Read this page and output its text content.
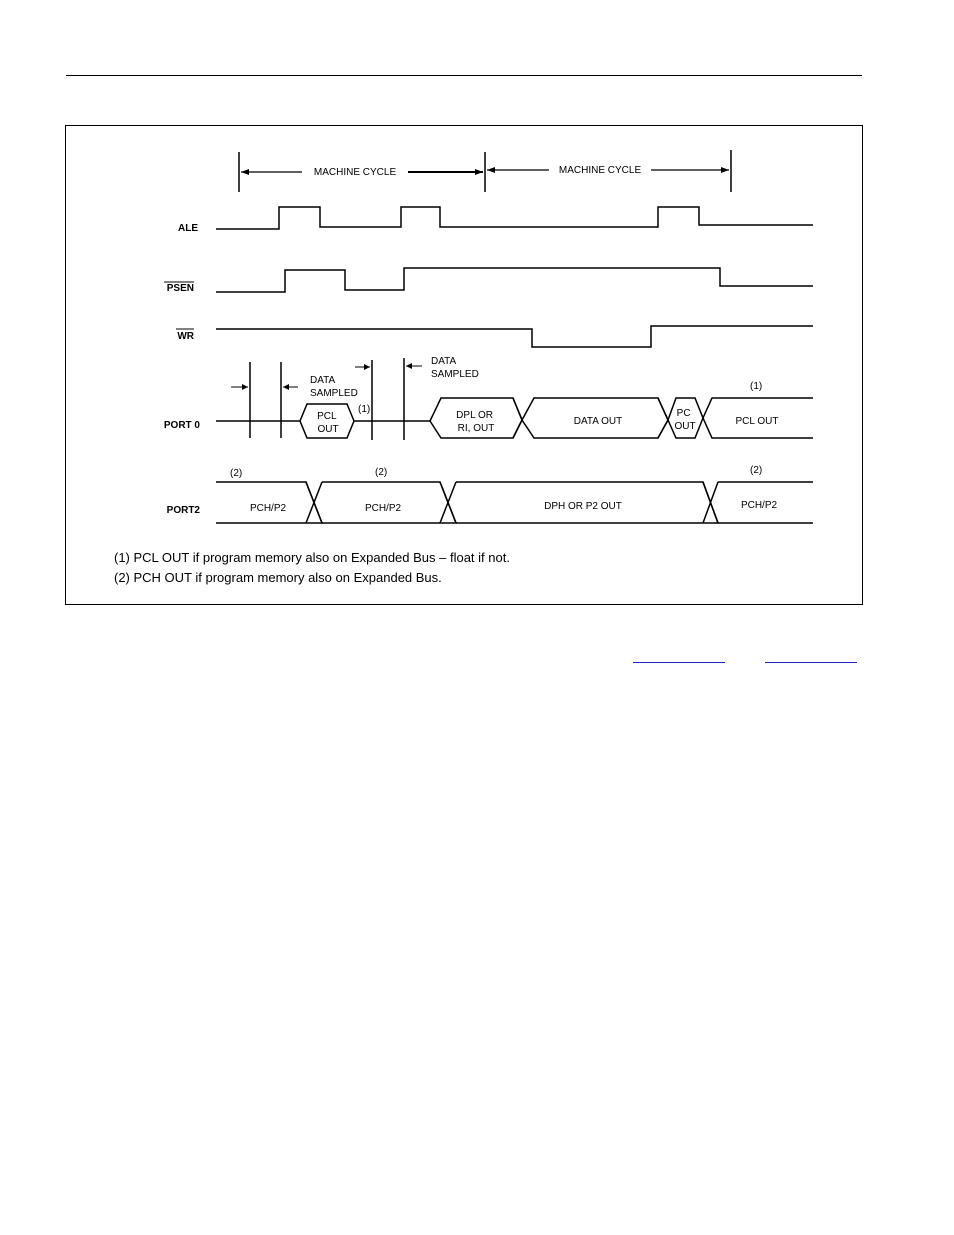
MACHINE CYCLE	MACHINE CYCLE
ALE
PSEN
WR
PORT 0
PORT2
DATA SAMPLED
DATA SAMPLED
PCL OUT
DPL OR RI, OUT
DATA OUT
PC OUT	PCL OUT
(1)
(1)
PCH/P2	PCH/P2	DPH OR P2 OUT	PCH/P2
(2)	(2)	(2)
(1) PCL OUT if program memory also on Expanded Bus – float if not.
(2) PCH OUT if program memory also on Expanded Bus.
